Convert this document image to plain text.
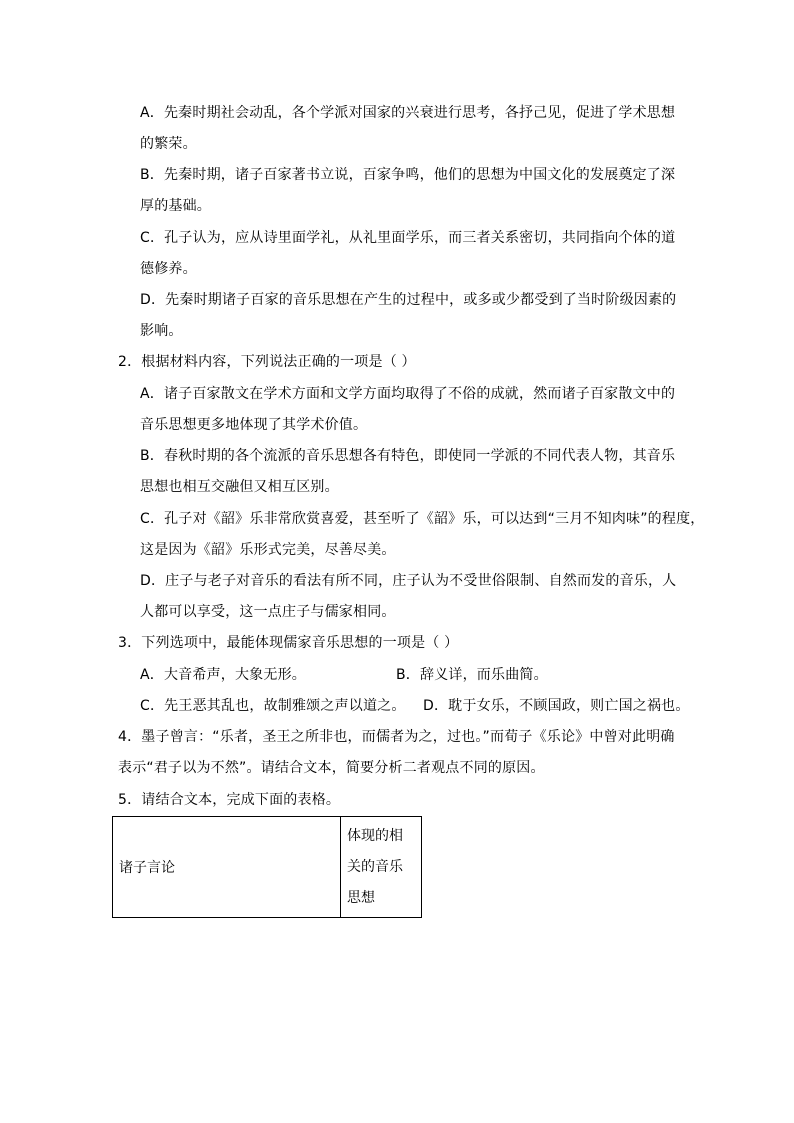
A．先秦时期社会动乱，各个学派对国家的兴衰进行思考，各抒己见，促进了学术思想
的繁荣。
B．先秦时期，诸子百家著书立说，百家争鸣，他们的思想为中国文化的发展奠定了深
厚的基础。
C．孔子认为，应从诗里面学礼，从礼里面学乐，而三者关系密切，共同指向个体的道
德修养。
D．先秦时期诸子百家的音乐思想在产生的过程中，或多或少都受到了当时阶级因素的
影响。
2．根据材料内容，下列说法正确的一项是（ ）
A．诸子百家散文在学术方面和文学方面均取得了不俗的成就，然而诸子百家散文中的
音乐思想更多地体现了其学术价值。
B．春秋时期的各个流派的音乐思想各有特色，即使同一学派的不同代表人物，其音乐
思想也相互交融但又相互区别。
C．孔子对《韶》乐非常欣赏喜爱，甚至听了《韶》乐，可以达到“三月不知肉味”的程度，
这是因为《韶》乐形式完美，尽善尽美。
D．庄子与老子对音乐的看法有所不同，庄子认为不受世俗限制、自然而发的音乐，人
人都可以享受，这一点庄子与儒家相同。
3．下列选项中，最能体现儒家音乐思想的一项是（ ）
A．大音希声，大象无形。	B．辞义详，而乐曲简。
C．先王恶其乱也，故制雅颂之声以道之。 D．耽于女乐，不顾国政，则亡国之祸也。
4．墨子曾言：“乐者，圣王之所非也，而儒者为之，过也。”而荀子《乐论》中曾对此明确
表示“君子以为不然”。请结合文本，简要分析二者观点不同的原因。
5．请结合文本，完成下面的表格。
诸子言论	体现的相关的音乐思想
